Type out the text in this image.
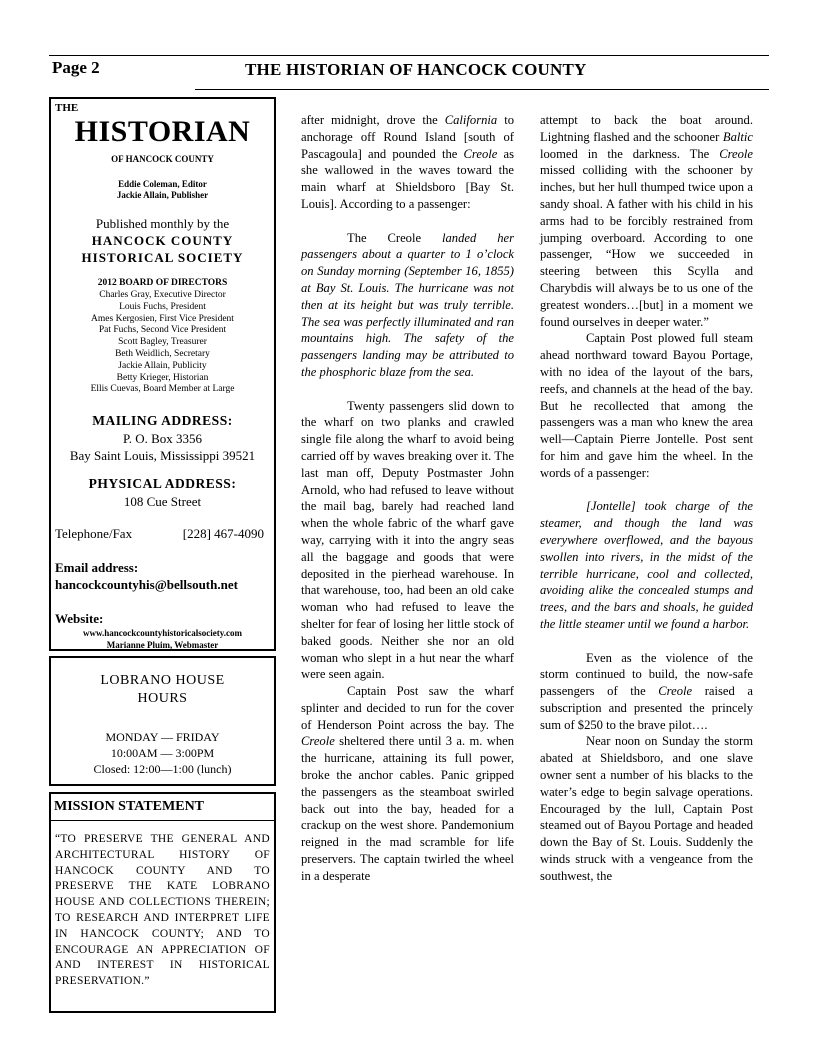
Page 2	THE HISTORIAN OF HANCOCK COUNTY
THE
HISTORIAN
OF HANCOCK COUNTY
Eddie Coleman, Editor
Jackie Allain, Publisher
Published monthly by the
HANCOCK COUNTY
HISTORICAL SOCIETY
2012 BOARD OF DIRECTORS
Charles Gray, Executive Director
Louis Fuchs, President
Ames Kergosien, First Vice President
Pat Fuchs, Second Vice President
Scott Bagley, Treasurer
Beth Weidlich, Secretary
Jackie Allain, Publicity
Betty Krieger, Historian
Ellis Cuevas, Board Member at Large
MAILING ADDRESS:
P. O. Box 3356
Bay Saint Louis, Mississippi 39521
PHYSICAL ADDRESS:
108 Cue Street
Telephone/Fax	[228] 467-4090
Email address:
hancockcountyhis@bellsouth.net
Website:
www.hancockcountyhistoricalsociety.com
Marianne Pluim, Webmaster
LOBRANO HOUSE
HOURS
MONDAY — FRIDAY
10:00AM — 3:00PM
Closed: 12:00—1:00 (lunch)
MISSION STATEMENT
“TO PRESERVE THE GENERAL AND ARCHITECTURAL HISTORY OF HANCOCK COUNTY AND TO PRESERVE THE KATE LOBRANO HOUSE AND COLLECTIONS THEREIN; TO RESEARCH AND INTERPRET LIFE IN HANCOCK COUNTY; AND TO ENCOURAGE AN APPRECIATION OF AND INTEREST IN HISTORICAL PRESERVATION.”

after midnight, drove the California to anchorage off Round Island [south of Pascagoula] and pounded the Creole as she wallowed in the waves toward the main wharf at Shieldsboro [Bay St. Louis]. According to a passenger:

The Creole landed her passengers about a quarter to 1 o’clock on Sunday morning (September 16, 1855) at Bay St. Louis. The hurricane was not then at its height but was truly terrible. The sea was perfectly illuminated and ran mountains high. The safety of the passengers landing may be attributed to the phosphoric blaze from the sea.

Twenty passengers slid down to the wharf on two planks and crawled single file along the wharf to avoid being carried off by waves breaking over it. The last man off, Deputy Postmaster John Arnold, who had refused to leave without the mail bag, barely had reached land when the whole fabric of the wharf gave way, carrying with it into the angry seas all the baggage and goods that were deposited in the pierhead warehouse. In that warehouse, too, had been an old cake woman who had refused to leave the shelter for fear of losing her little stock of baked goods. Neither she nor an old woman who slept in a hut near the wharf were seen again.

Captain Post saw the wharf splinter and decided to run for the cover of Henderson Point across the bay. The Creole sheltered there until 3 a. m. when the hurricane, attaining its full power, broke the anchor cables. Panic gripped the passengers as the steamboat swirled back out into the bay, headed for a crackup on the west shore. Pandemonium reigned in the mad scramble for life preservers. The captain twirled the wheel in a desperate

attempt to back the boat around. Lightning flashed and the schooner Baltic loomed in the darkness. The Creole missed colliding with the schooner by inches, but her hull thumped twice upon a sandy shoal. A father with his child in his arms had to be forcibly restrained from jumping overboard. According to one passenger, “How we succeeded in steering between this Scylla and Charybdis will always be to us one of the greatest wonders…[but] in a moment we found ourselves in deeper water.”

Captain Post plowed full steam ahead northward toward Bayou Portage, with no idea of the layout of the bars, reefs, and channels at the head of the bay. But he recollected that among the passengers was a man who knew the area well—Captain Pierre Jontelle. Post sent for him and gave him the wheel. In the words of a passenger:

[Jontelle] took charge of the steamer, and though the land was everywhere overflowed, and the bayous swollen into rivers, in the midst of the terrible hurricane, cool and collected, avoiding alike the concealed stumps and trees, and the bars and shoals, he guided the little steamer until we found a harbor.

Even as the violence of the storm continued to build, the now-safe passengers of the Creole raised a subscription and presented the princely sum of $250 to the brave pilot….

Near noon on Sunday the storm abated at Shieldsboro, and one slave owner sent a number of his blacks to the water’s edge to begin salvage operations. Encouraged by the lull, Captain Post steamed out of Bayou Portage and headed down the Bay of St. Louis. Suddenly the winds struck with a vengeance from the southwest, the
